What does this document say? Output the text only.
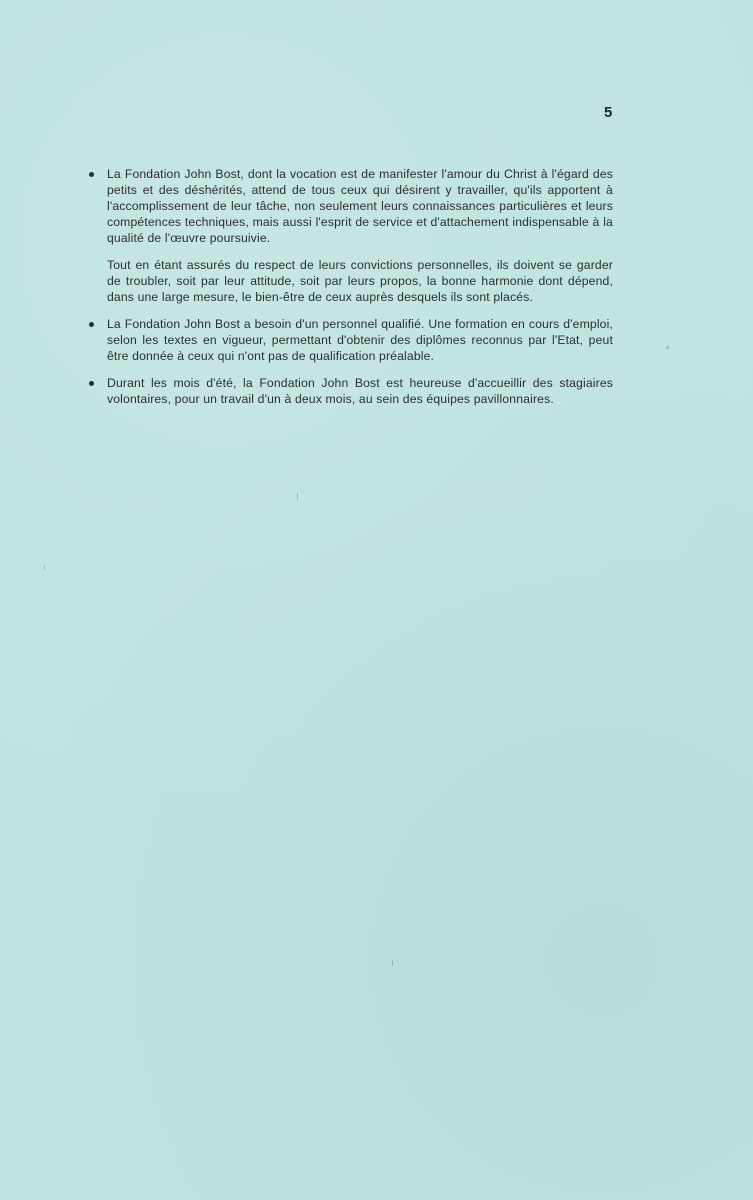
5

La Fondation John Bost, dont la vocation est de manifester l'amour du Christ à l'égard des petits et des déshérités, attend de tous ceux qui désirent y travailler, qu'ils apportent à l'accomplissement de leur tâche, non seulement leurs connaissances particulières et leurs compétences techniques, mais aussi l'esprit de service et d'attachement indispensable à la qualité de l'œuvre poursuivie.

Tout en étant assurés du respect de leurs convictions personnelles, ils doivent se garder de troubler, soit par leur attitude, soit par leurs propos, la bonne harmonie dont dépend, dans une large mesure, le bien-être de ceux auprès desquels ils sont placés.

La Fondation John Bost a besoin d'un personnel qualifié. Une formation en cours d'emploi, selon les textes en vigueur, permettant d'obtenir des diplômes reconnus par l'Etat, peut être donnée à ceux qui n'ont pas de qualification préalable.

Durant les mois d'été, la Fondation John Bost est heureuse d'accueillir des stagiaires volontaires, pour un travail d'un à deux mois, au sein des équipes pavillonnaires.
